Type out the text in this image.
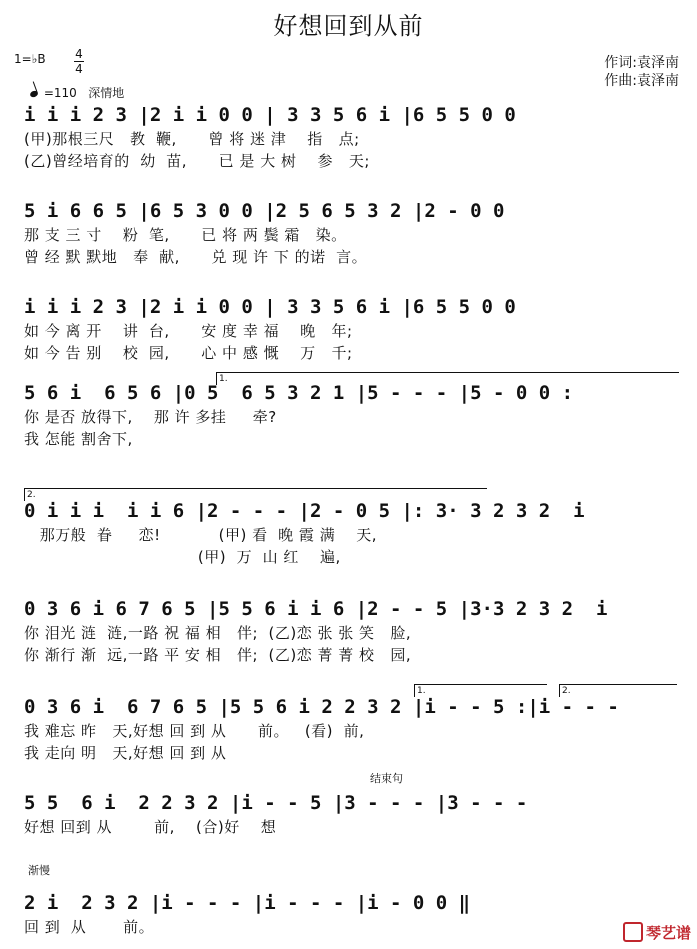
好想回到从前
1=♭B 4
4
=110 深情地
作词:袁泽南
作曲:袁泽南
i i i 2 3 |2 i i 0 0 | 3 3 5 6 i |6 5 5 0 0
(甲)那根三尺   教  鞭,      曾 将 迷 津    指   点;
(乙)曾经培育的  幼  苗,      已 是 大 树    参   天;
5 i 6 6 5 |6 5 3 0 0 |2 5 6 5 3 2 |2 - 0 0
那 支 三 寸    粉  笔,      已 将 两 鬓 霜   染。
曾 经 默 默地   奉  献,      兑 现 许 下 的诺  言。
i i i 2 3 |2 i i 0 0 | 3 3 5 6 i |6 5 5 0 0
如 今 离 开    讲  台,      安 度 幸 福    晚   年;
如 今 告 别    校  园,      心 中 感 慨    万   千;
1.
5 6 i  6 5 6 |0 5  6 5 3 2 1 |5 - - - |5 - 0 0 :
你 是否 放得下,    那 许 多挂     牵?
我 怎能 割舍下,
2.
0 i i i  i i 6 |2 - - - |2 - 0 5 |: 3· 3 2 3 2  i
那万般  眷     恋!           (甲) 看  晚 霞 满    天,
(甲)  万  山 红    遍,
0 3 6 i 6 7 6 5 |5 5 6 i i 6 |2 - - 5 |3·3 2 3 2  i
你 泪光 涟  涟,一路 祝 福 相   伴;  (乙)恋 张 张 笑   脸,
你 渐行 渐  远,一路 平 安 相   伴;  (乙)恋 菁 菁 校   园,
1.	2.
0 3 6 i  6 7 6 5 |5 5 6 i 2 2 3 2 |i - - 5 :|i - - -
我 难忘 昨   天,好想 回 到 从      前。   (看)  前,
我 走向 明   天,好想 回 到 从
结束句
5 5  6 i  2 2 3 2 |i - - 5 |3 - - - |3 - - -
好想 回到 从        前,    (合)好    想
渐慢
2 i  2 3 2 |i - - - |i - - - |i - 0 0 ‖
回 到  从       前。	琴艺谱
